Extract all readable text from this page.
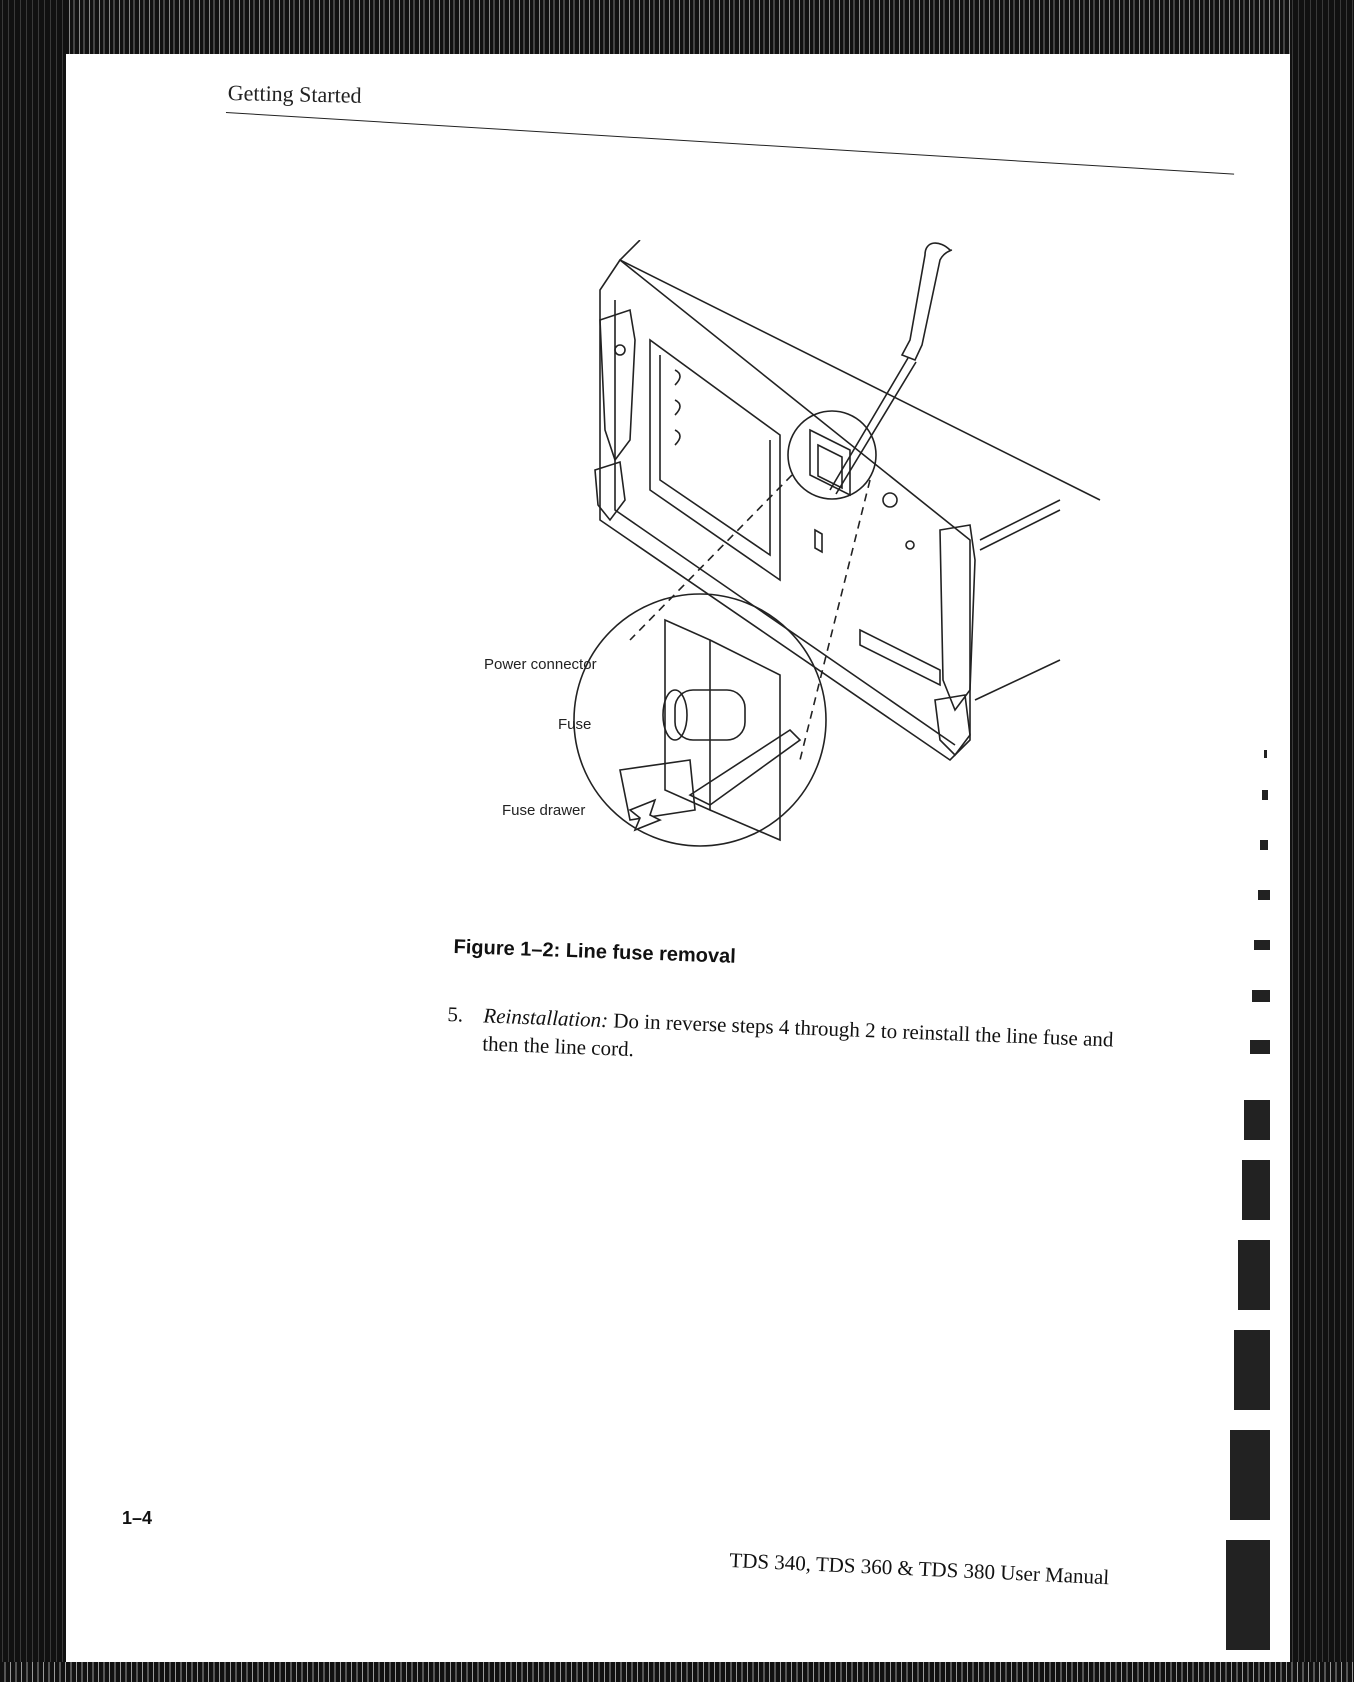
Getting Started
Power connector
Fuse
Fuse drawer
Figure 1–2: Line fuse removal
5. Reinstallation: Do in reverse steps 4 through 2 to reinstall the line fuse and then the line cord.
1–4
TDS 340, TDS 360 & TDS 380 User Manual
